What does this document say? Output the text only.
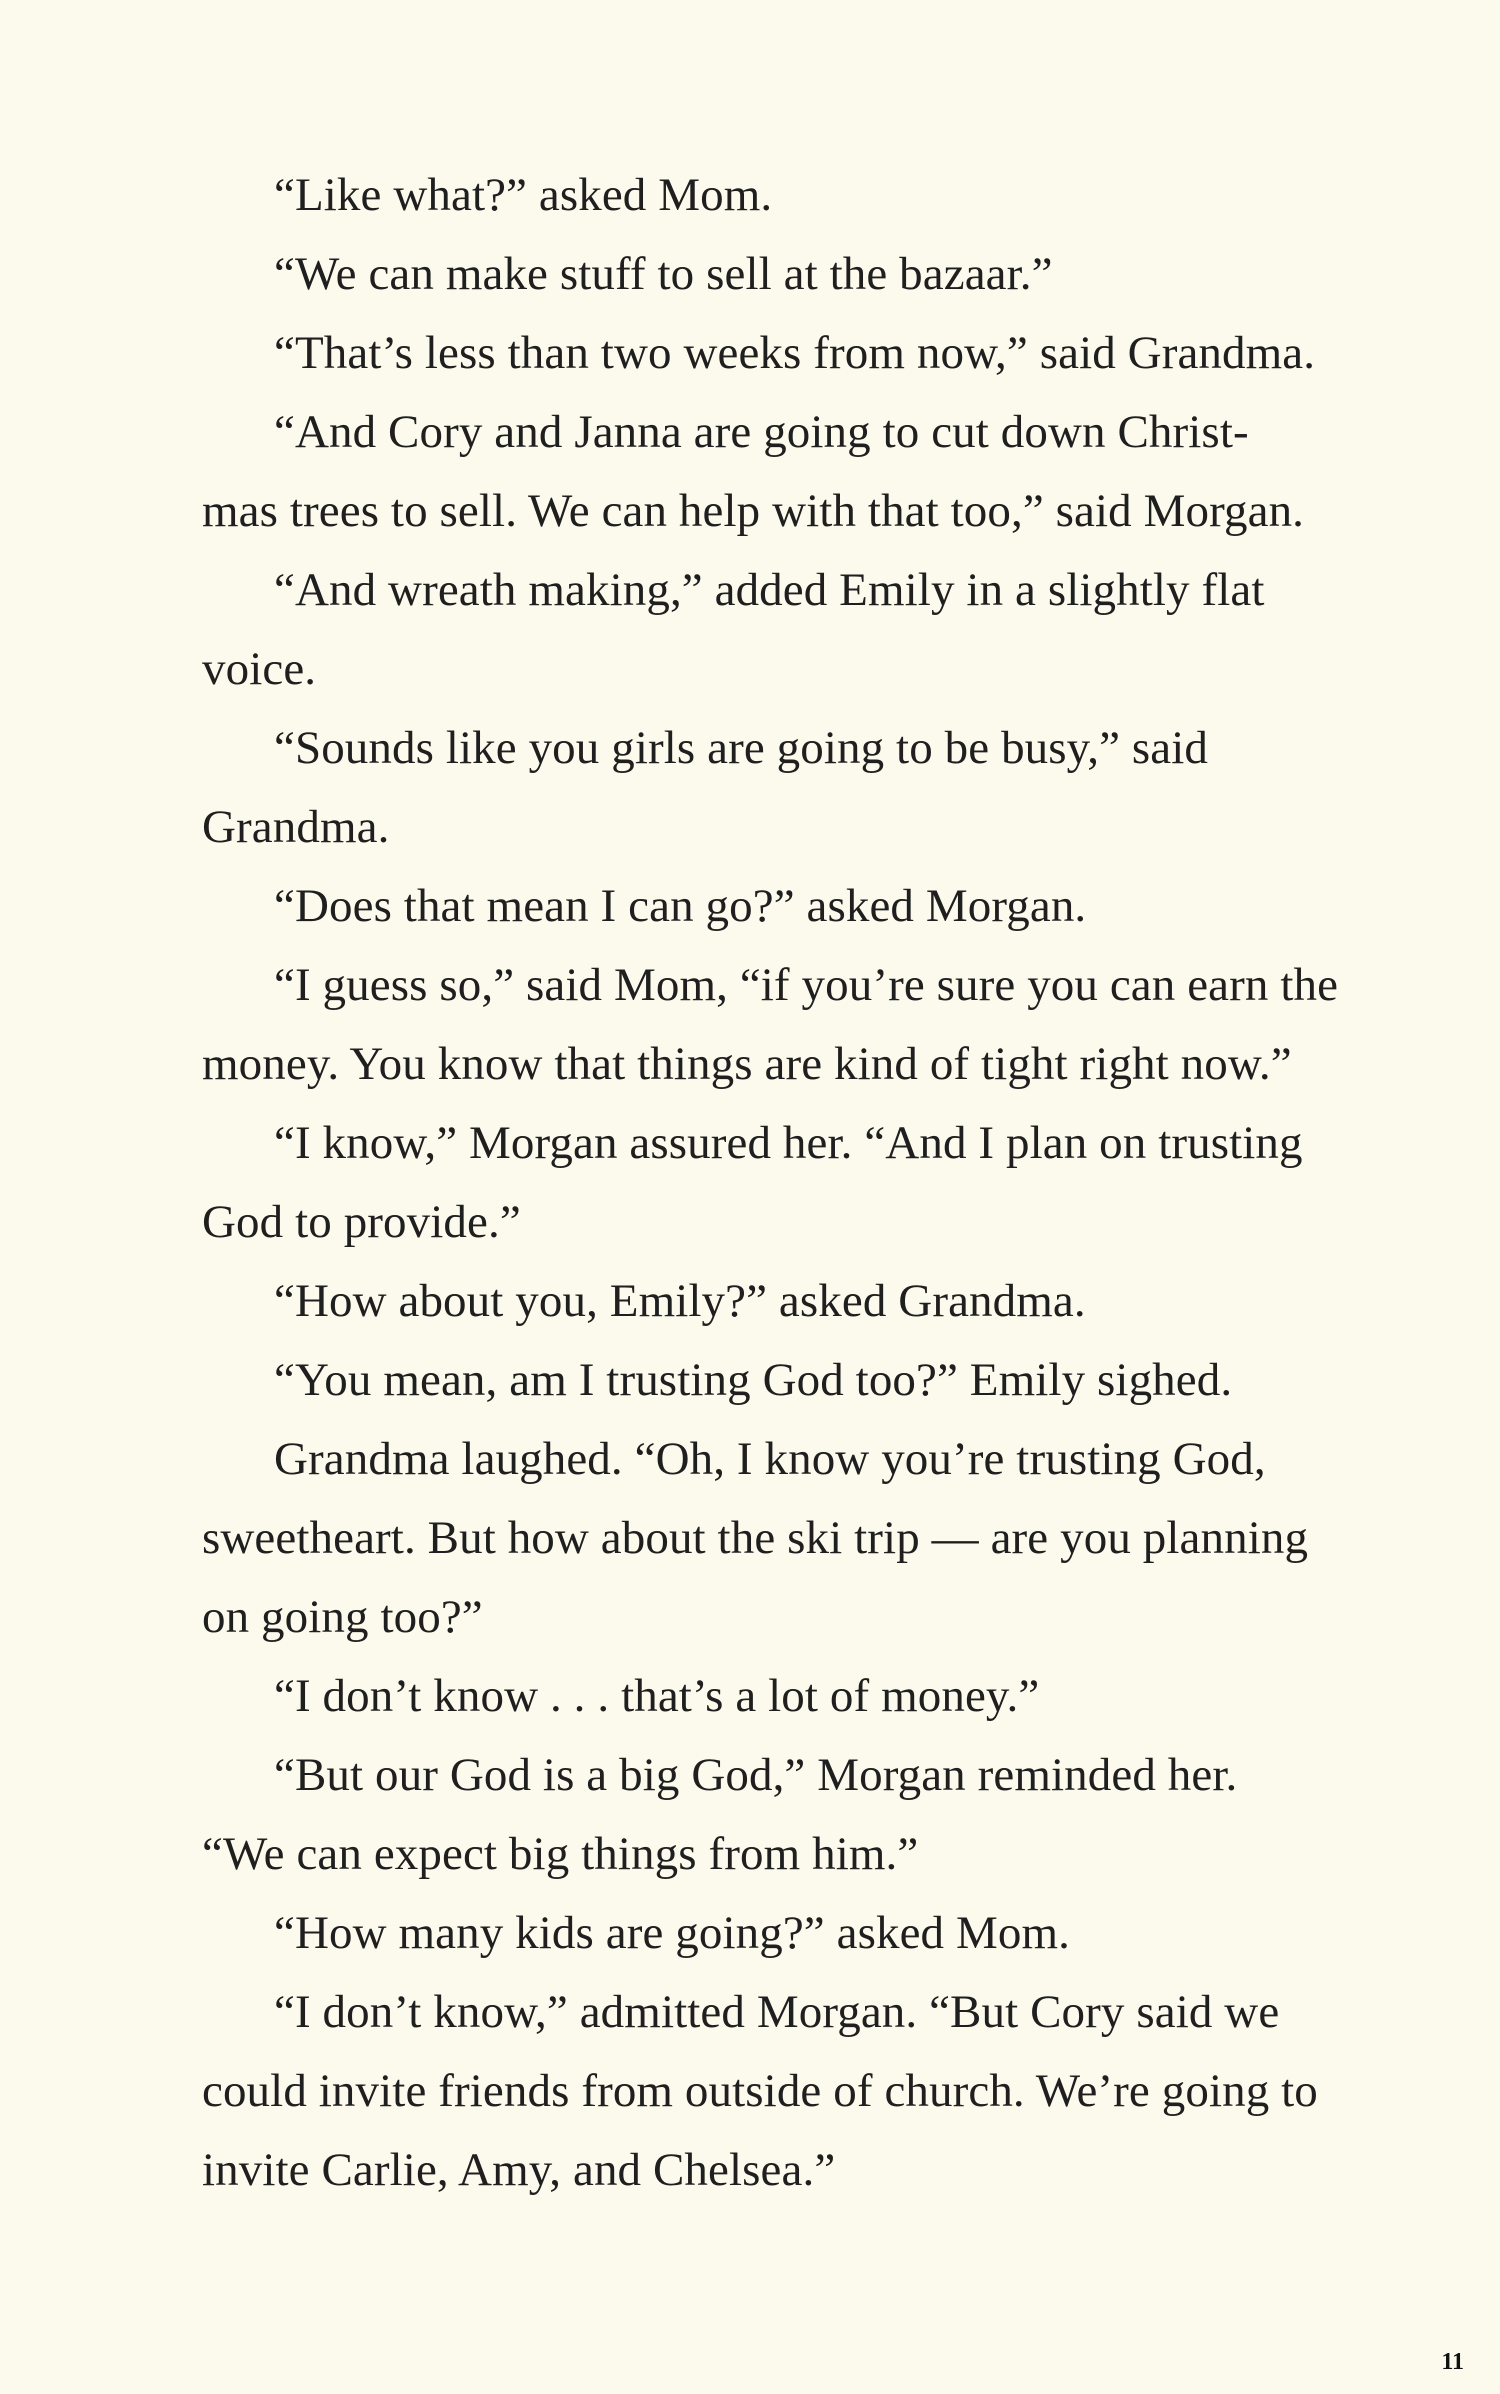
“Like what?” asked Mom.
“We can make stuff to sell at the bazaar.”
“That’s less than two weeks from now,” said Grandma.
“And Cory and Janna are going to cut down Christ-
mas trees to sell. We can help with that too,” said Morgan.
“And wreath making,” added Emily in a slightly flat
voice.
“Sounds like you girls are going to be busy,” said
Grandma.
“Does that mean I can go?” asked Morgan.
“I guess so,” said Mom, “if you’re sure you can earn the
money. You know that things are kind of tight right now.”
“I know,” Morgan assured her. “And I plan on trusting
God to provide.”
“How about you, Emily?” asked Grandma.
“You mean, am I trusting God too?” Emily sighed.
Grandma laughed. “Oh, I know you’re trusting God,
sweetheart. But how about the ski trip — are you planning
on going too?”
“I don’t know . . . that’s a lot of money.”
“But our God is a big God,” Morgan reminded her.
“We can expect big things from him.”
“How many kids are going?” asked Mom.
“I don’t know,” admitted Morgan. “But Cory said we
could invite friends from outside of church. We’re going to
invite Carlie, Amy, and Chelsea.”
11
